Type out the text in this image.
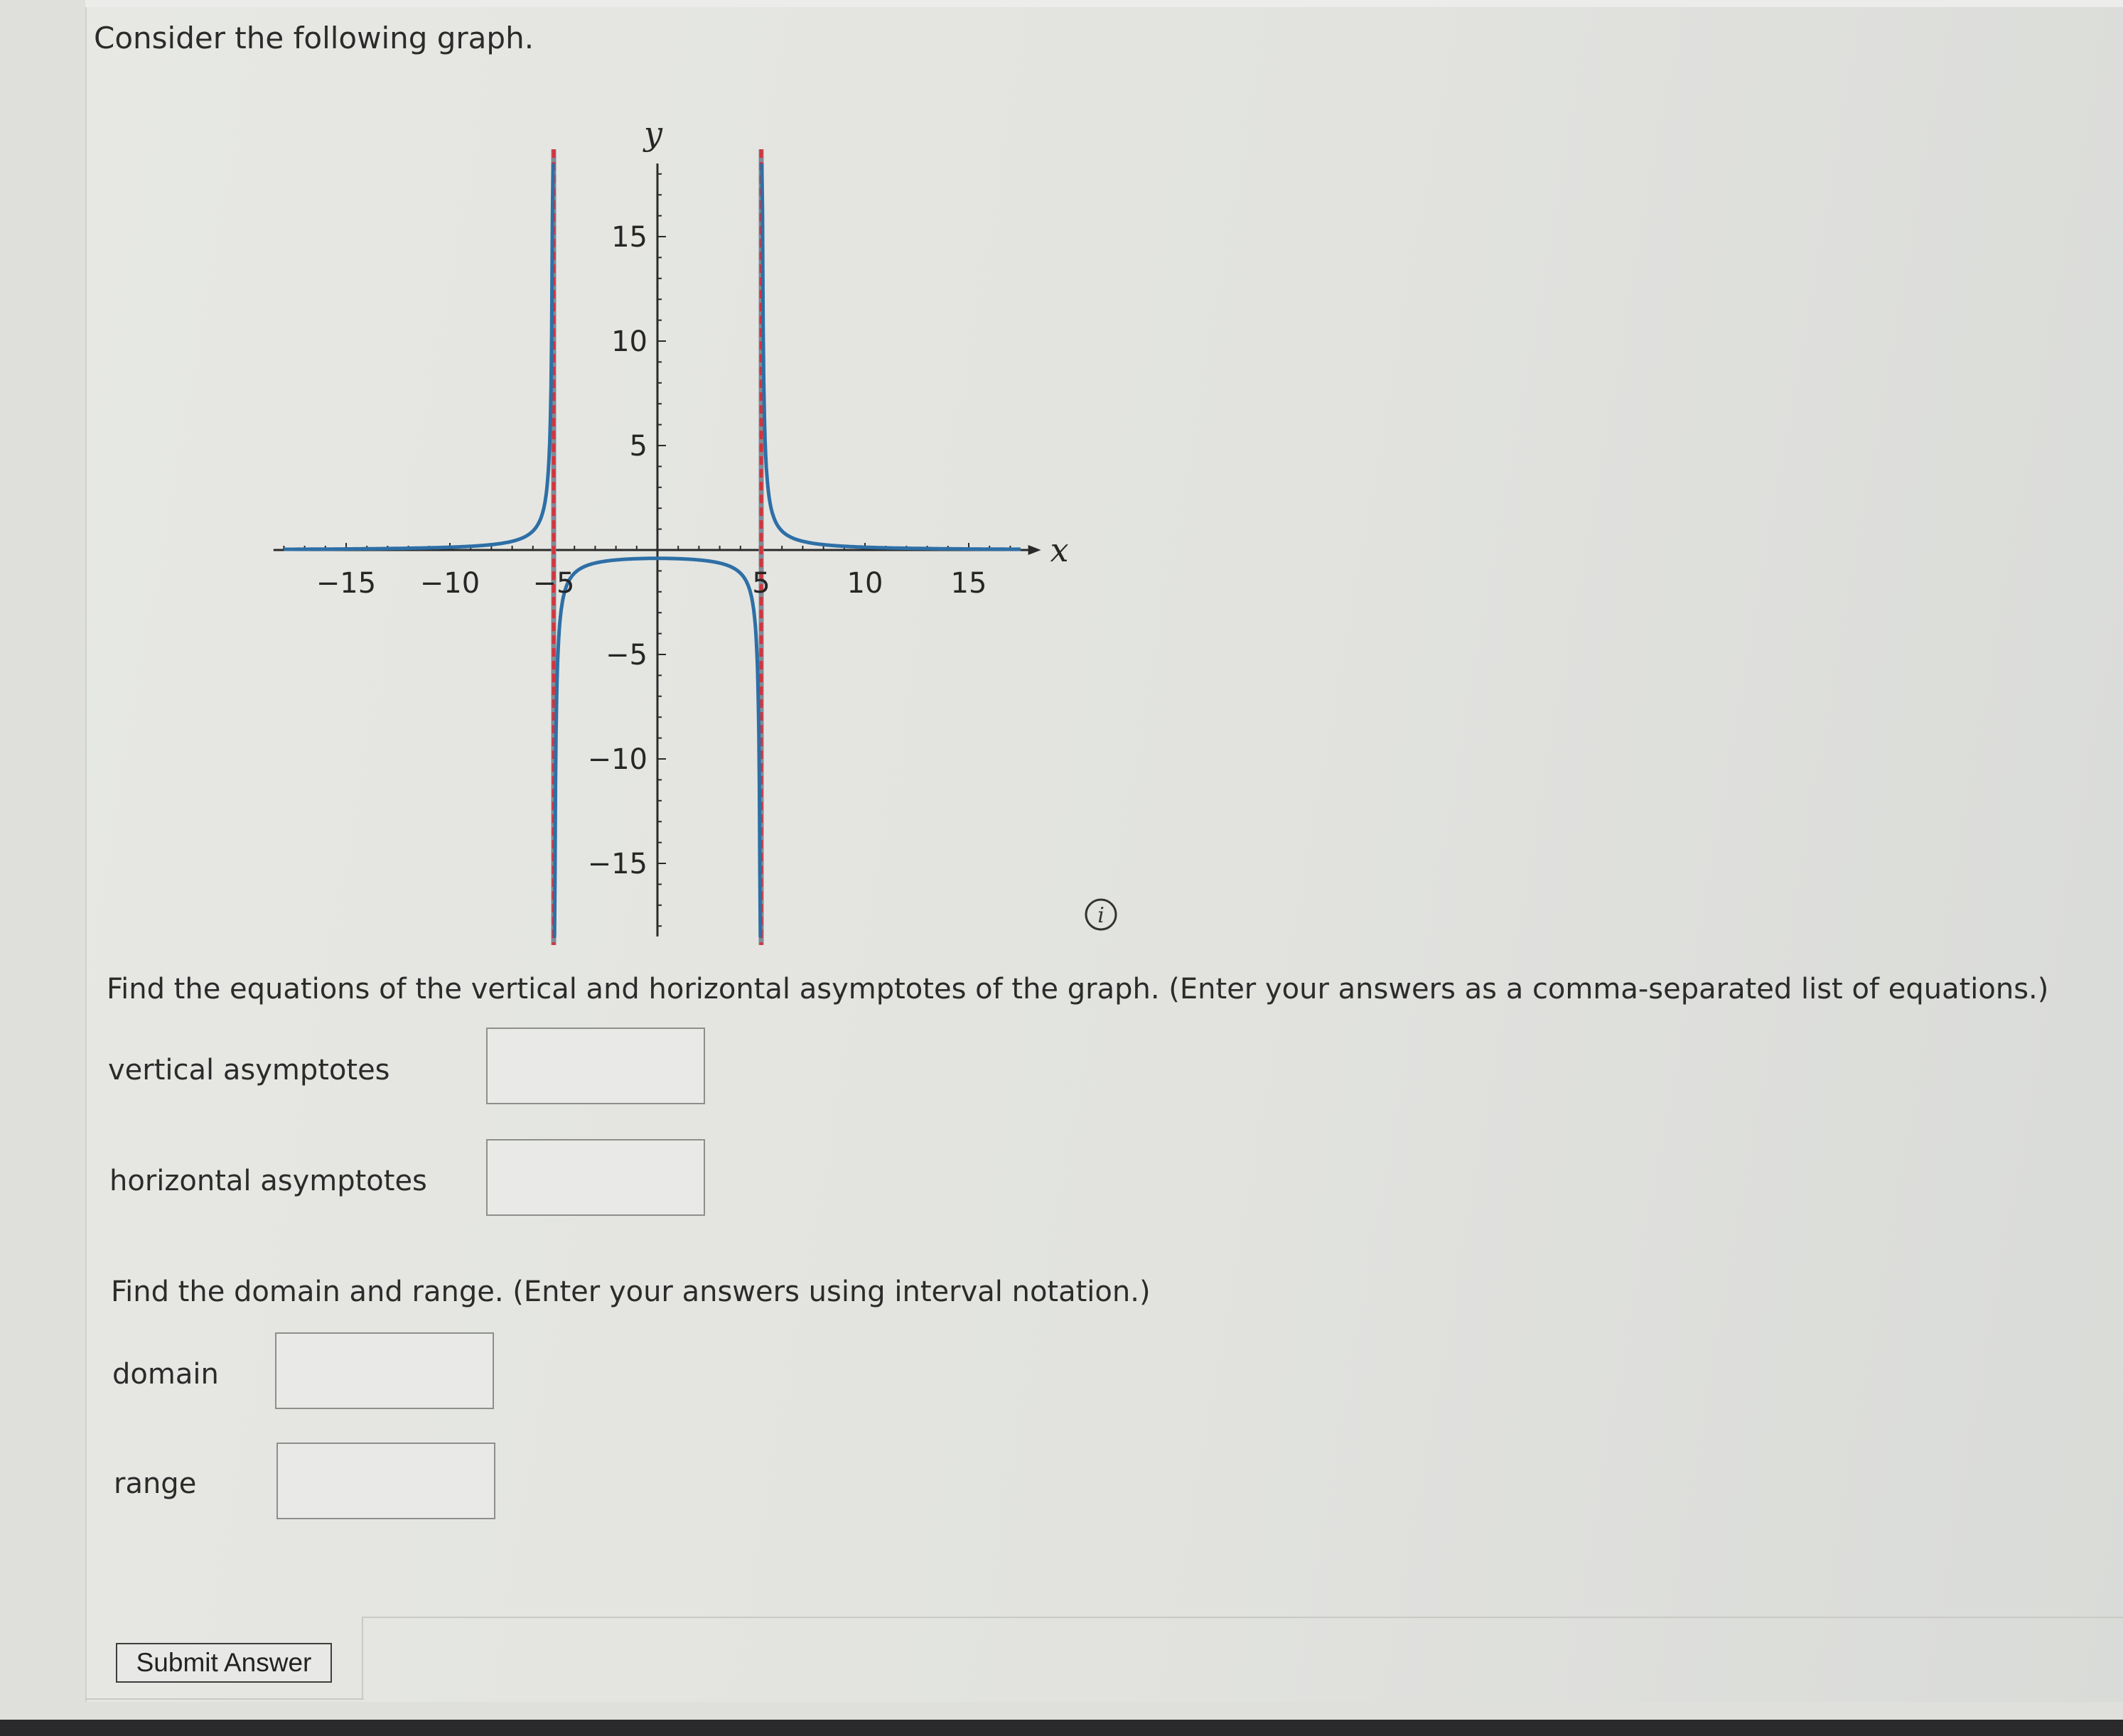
Consider the following graph.
x
y
−15 −10 −5	5	10 15
15
10
5
−5
−10
−15
i
Find the equations of the vertical and horizontal asymptotes of the graph. (Enter your answers as a comma-separated list of equations.)
vertical asymptotes
horizontal asymptotes
Find the domain and range. (Enter your answers using interval notation.)
domain
range
Submit Answer
